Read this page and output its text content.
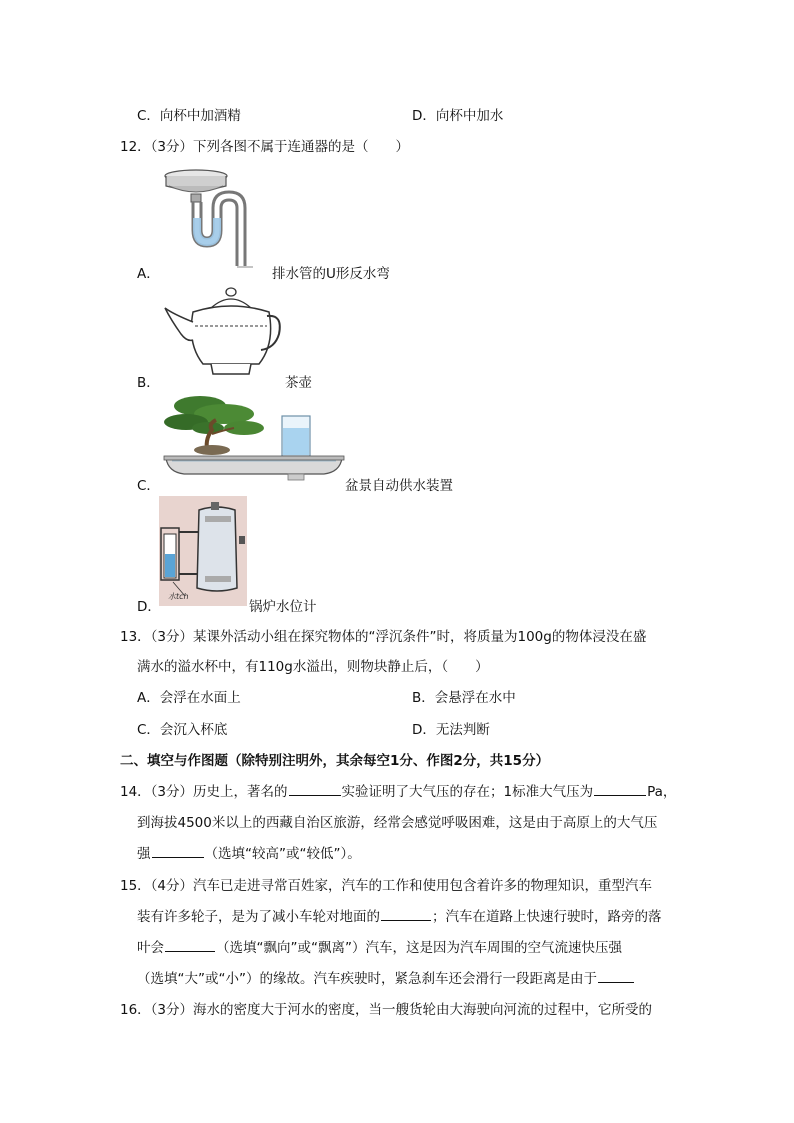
C．向杯中加酒精	D．向杯中加水
12．（3分）下列各图不属于连通器的是（　　）
A．	排水管的U形反水弯
B．	茶壶
C．	盆景自动供水装置
水tch
D．	锅炉水位计
13．（3分）某课外活动小组在探究物体的“浮沉条件”时，将质量为100g的物体浸没在盛
满水的溢水杯中，有110g水溢出，则物块静止后，（　　）
A．会浮在水面上	B．会悬浮在水中
C．会沉入杯底	D．无法判断
二、填空与作图题（除特别注明外，其余每空1分、作图2分，共15分）
14．（3分）历史上，著名的	实验证明了大气压的存在；1标准大气压为	Pa，
到海拔4500米以上的西藏自治区旅游，经常会感觉呼吸困难，这是由于高原上的大气压
强	（选填“较高”或“较低”）。
15．（4分）汽车已走进寻常百姓家，汽车的工作和使用包含着许多的物理知识，重型汽车
装有许多轮子，是为了减小车轮对地面的	；汽车在道路上快速行驶时，路旁的落
叶会	（选填“飘向”或“飘离”）汽车，这是因为汽车周围的空气流速快压强
（选填“大”或“小”）的缘故。汽车疾驶时，紧急刹车还会滑行一段距离是由于
16．（3分）海水的密度大于河水的密度，当一艘货轮由大海驶向河流的过程中，它所受的
